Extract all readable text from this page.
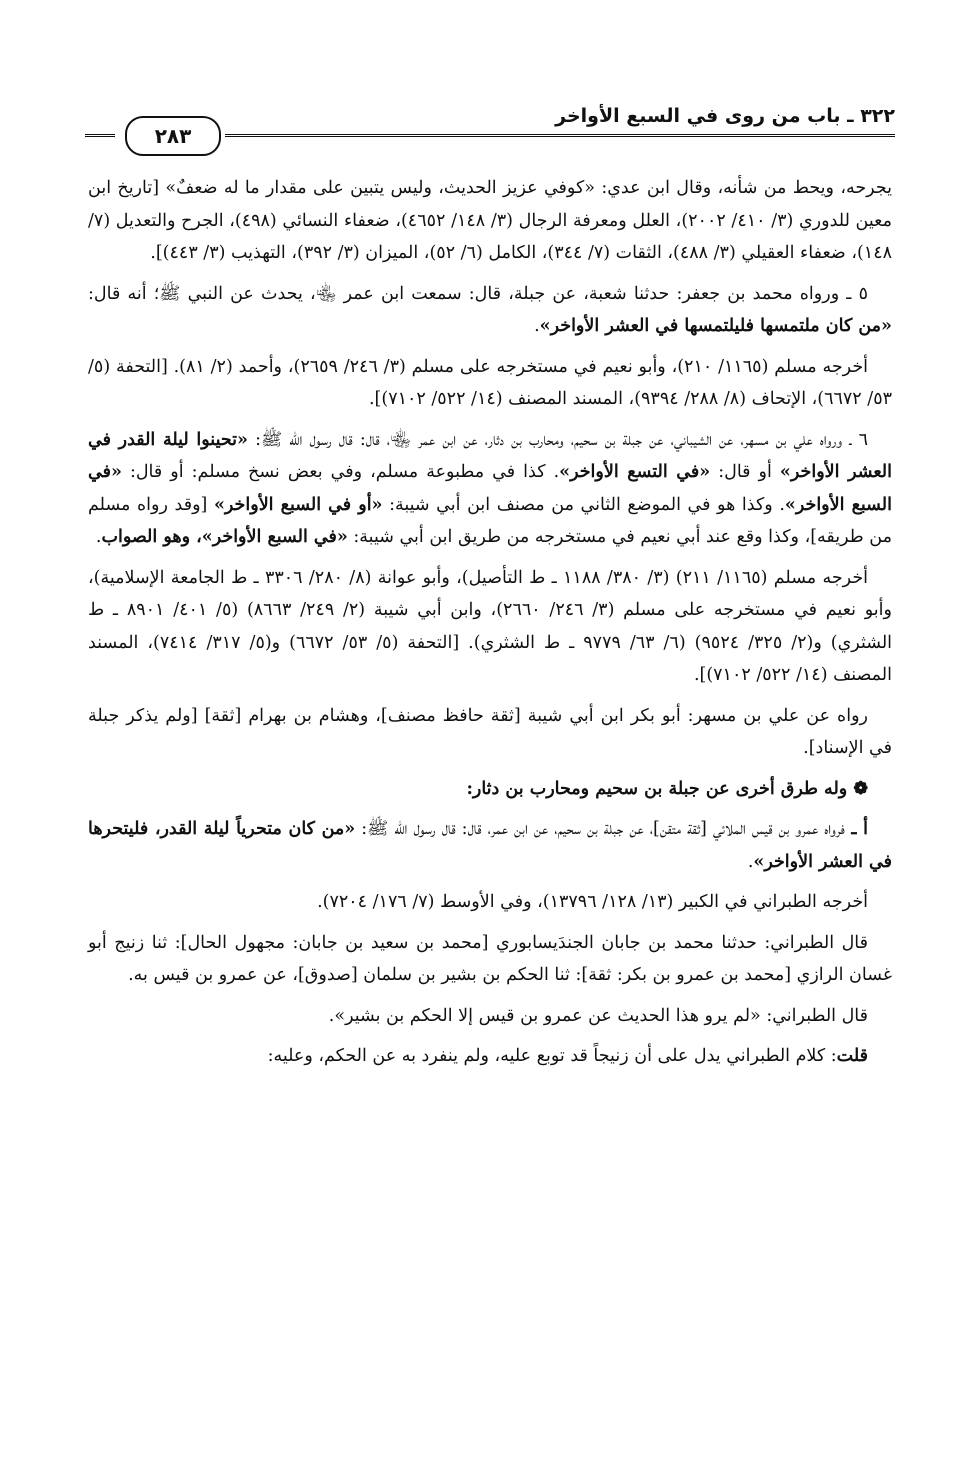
٣٢٢ ـ باب من روى في السبع الأواخر
٢٨٣

يجرحه، ويحط من شأنه، وقال ابن عدي: «كوفي عزيز الحديث، وليس يتبين على مقدار ما له ضعفٌ» [تاريخ ابن معين للدوري (٣/ ٤١٠/ ٢٠٠٢)، العلل ومعرفة الرجال (٣/ ١٤٨/ ٤٦٥٢)، ضعفاء النسائي (٤٩٨)، الجرح والتعديل (٧/ ١٤٨)، ضعفاء العقيلي (٣/ ٤٨٨)، الثقات (٧/ ٣٤٤)، الكامل (٦/ ٥٢)، الميزان (٣/ ٣٩٢)، التهذيب (٣/ ٤٤٣)].

٥ ـ ورواه محمد بن جعفر: حدثنا شعبة، عن جبلة، قال: سمعت ابن عمر ﵄، يحدث عن النبي ﷺ؛ أنه قال: «من كان ملتمسها فليلتمسها في العشر الأواخر».

أخرجه مسلم (١١٦٥/ ٢١٠)، وأبو نعيم في مستخرجه على مسلم (٣/ ٢٤٦/ ٢٦٥٩)، وأحمد (٢/ ٨١). [التحفة (٥/ ٥٣/ ٦٦٧٢)، الإتحاف (٨/ ٢٨٨/ ٩٣٩٤)، المسند المصنف (١٤/ ٥٢٢/ ٧١٠٢)].

٦ ـ ورواه علي بن مسهر، عن الشيباني، عن جبلة بن سحيم، ومحارب بن دثار، عن ابن عمر ﵄، قال: قال رسول الله ﷺ: «تحينوا ليلة القدر في العشر الأواخر» أو قال: «في التسع الأواخر». كذا في مطبوعة مسلم، وفي بعض نسخ مسلم: أو قال: «في السبع الأواخر». وكذا هو في الموضع الثاني من مصنف ابن أبي شيبة: «أو في السبع الأواخر» [وقد رواه مسلم من طريقه]، وكذا وقع عند أبي نعيم في مستخرجه من طريق ابن أبي شيبة: «في السبع الأواخر»، وهو الصواب.

أخرجه مسلم (١١٦٥/ ٢١١) (٣/ ٣٨٠/ ١١٨٨ ـ ط التأصيل)، وأبو عوانة (٨/ ٢٨٠/ ٣٣٠٦ ـ ط الجامعة الإسلامية)، وأبو نعيم في مستخرجه على مسلم (٣/ ٢٤٦/ ٢٦٦٠)، وابن أبي شيبة (٢/ ٢٤٩/ ٨٦٦٣) (٥/ ٤٠١/ ٨٩٠١ ـ ط الشثري) و(٢/ ٣٢٥/ ٩٥٢٤) (٦/ ٦٣/ ٩٧٧٩ ـ ط الشثري). [التحفة (٥/ ٥٣/ ٦٦٧٢) و(٥/ ٣١٧/ ٧٤١٤)، المسند المصنف (١٤/ ٥٢٢/ ٧١٠٢)].

رواه عن علي بن مسهر: أبو بكر ابن أبي شيبة [ثقة حافظ مصنف]، وهشام بن بهرام [ثقة] [ولم يذكر جبلة في الإسناد].

❁ وله طرق أخرى عن جبلة بن سحيم ومحارب بن دثار:

أ ـ فرواه عمرو بن قيس الملائي [ثقة متقن]، عن جبلة بن سحيم، عن ابن عمر، قال: قال رسول الله ﷺ: «من كان متحرياً ليلة القدر، فليتحرها في العشر الأواخر».

أخرجه الطبراني في الكبير (١٣/ ١٢٨/ ١٣٧٩٦)، وفي الأوسط (٧/ ١٧٦/ ٧٢٠٤).

قال الطبراني: حدثنا محمد بن جابان الجندَيسابوري [محمد بن سعيد بن جابان: مجهول الحال]: ثنا زنيج أبو غسان الرازي [محمد بن عمرو بن بكر: ثقة]: ثنا الحكم بن بشير بن سلمان [صدوق]، عن عمرو بن قيس به.

قال الطبراني: «لم يرو هذا الحديث عن عمرو بن قيس إلا الحكم بن بشير».

قلت: كلام الطبراني يدل على أن زنيجاً قد توبع عليه، ولم ينفرد به عن الحكم، وعليه:
